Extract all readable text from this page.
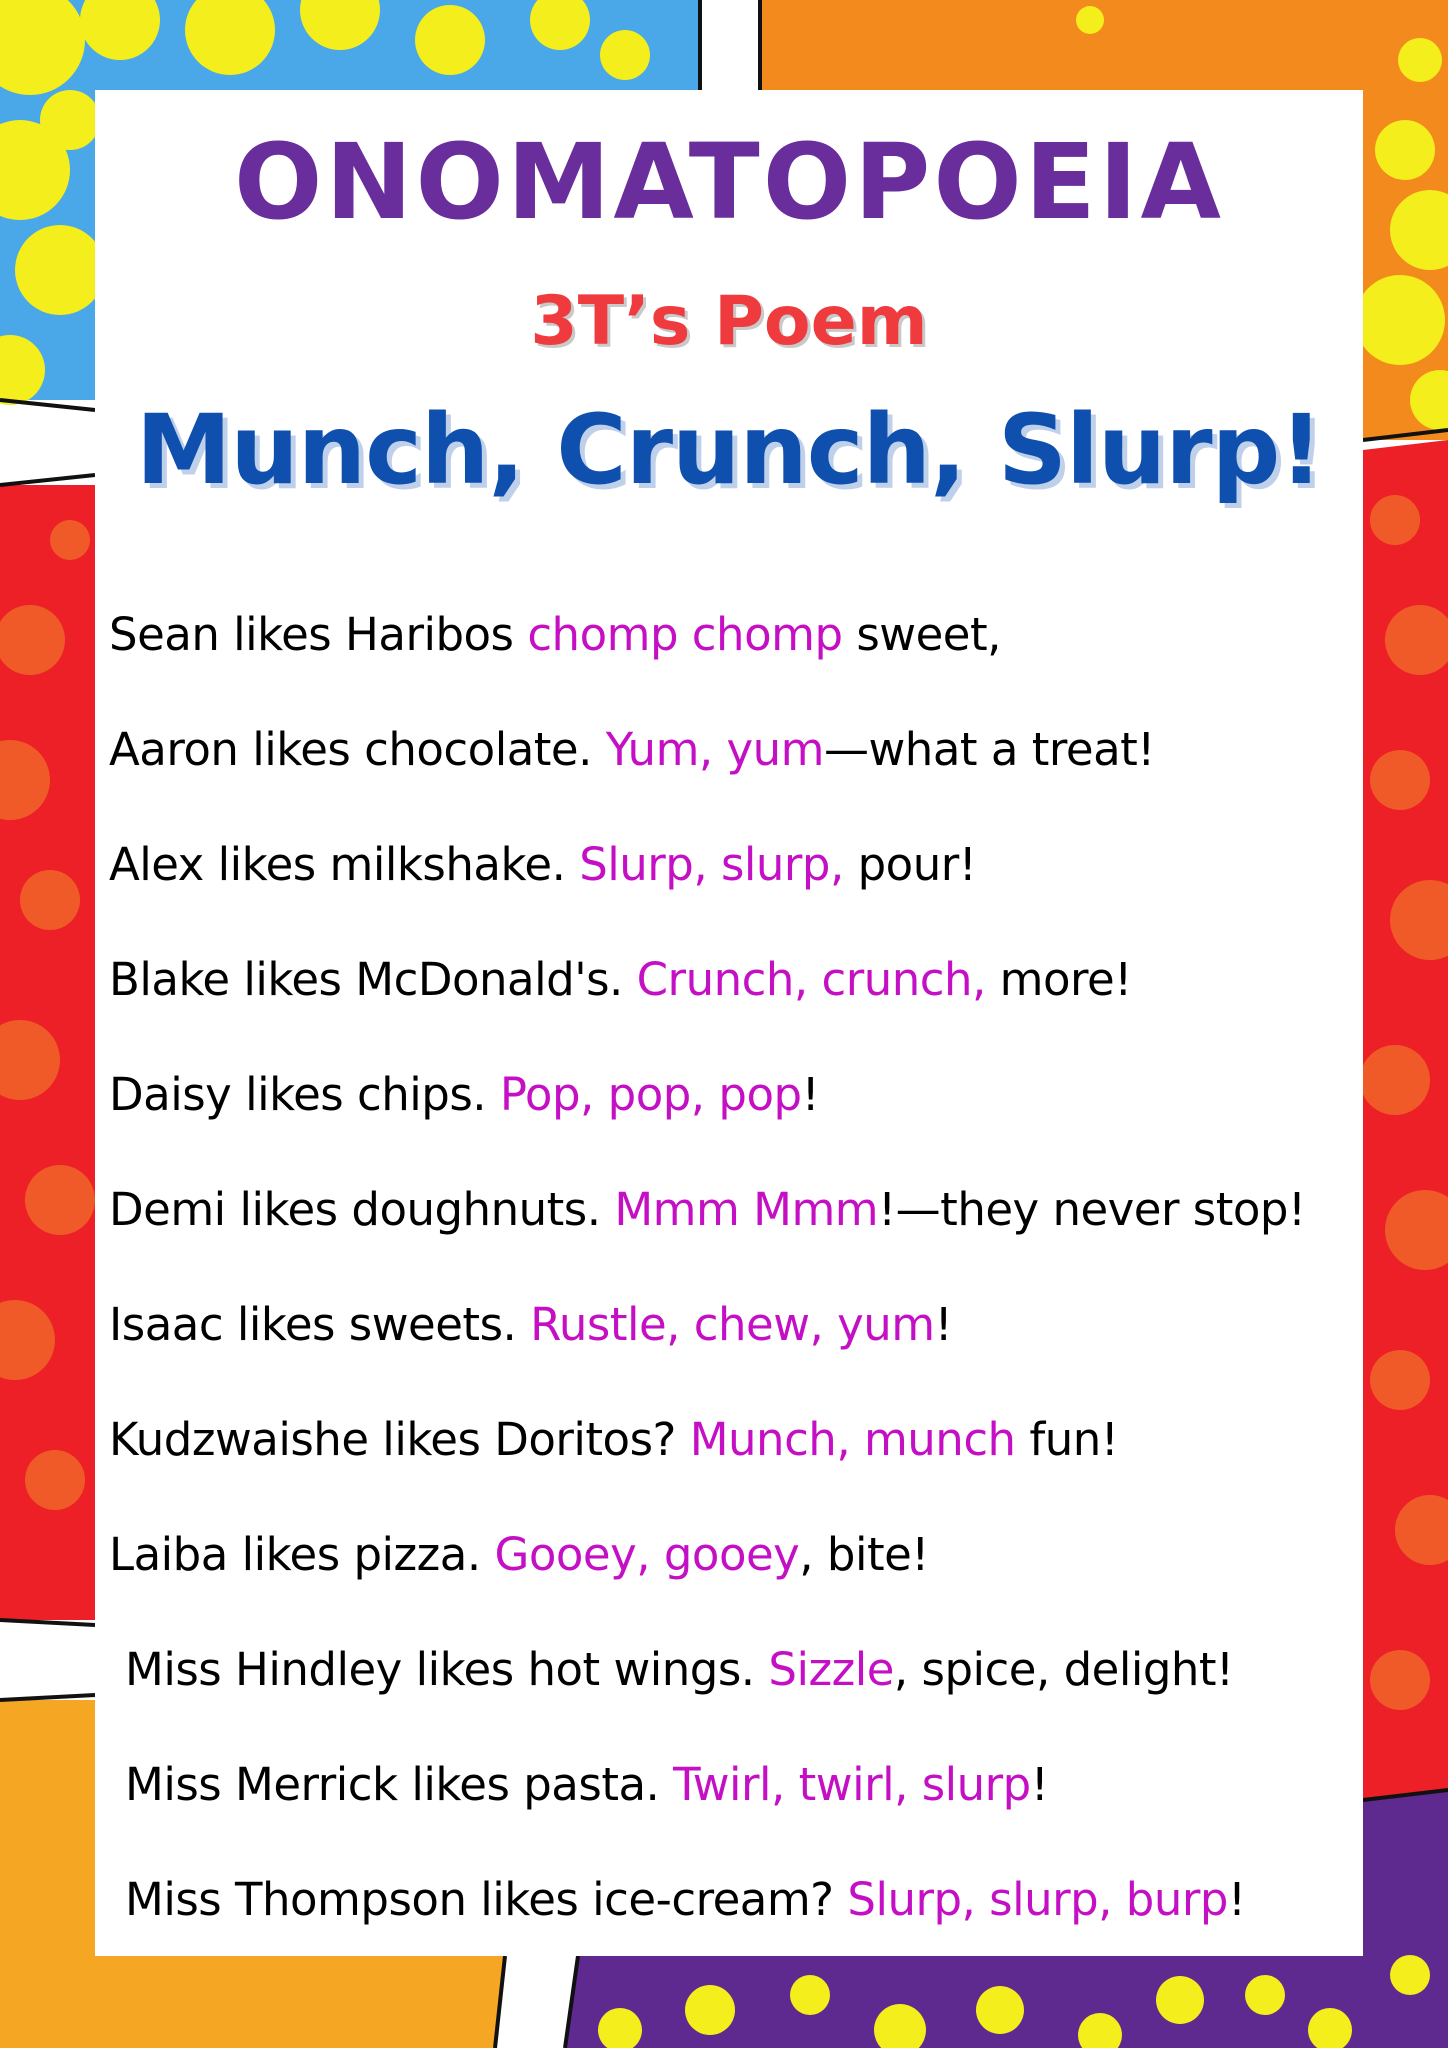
ONOMATOPOEIA
3T’s Poem
Munch, Crunch, Slurp!

Sean likes Haribos chomp chomp sweet,

Aaron likes chocolate. Yum, yum—what a treat!

Alex likes milkshake. Slurp, slurp, pour!

Blake likes McDonald's. Crunch, crunch, more!

Daisy likes chips. Pop, pop, pop!

Demi likes doughnuts. Mmm Mmm!—they never stop!

Isaac likes sweets. Rustle, chew, yum!

Kudzwaishe likes Doritos? Munch, munch fun!

Laiba likes pizza. Gooey, gooey, bite!

Miss Hindley likes hot wings. Sizzle, spice, delight!

Miss Merrick likes pasta. Twirl, twirl, slurp!

Miss Thompson likes ice-cream? Slurp, slurp, burp!
